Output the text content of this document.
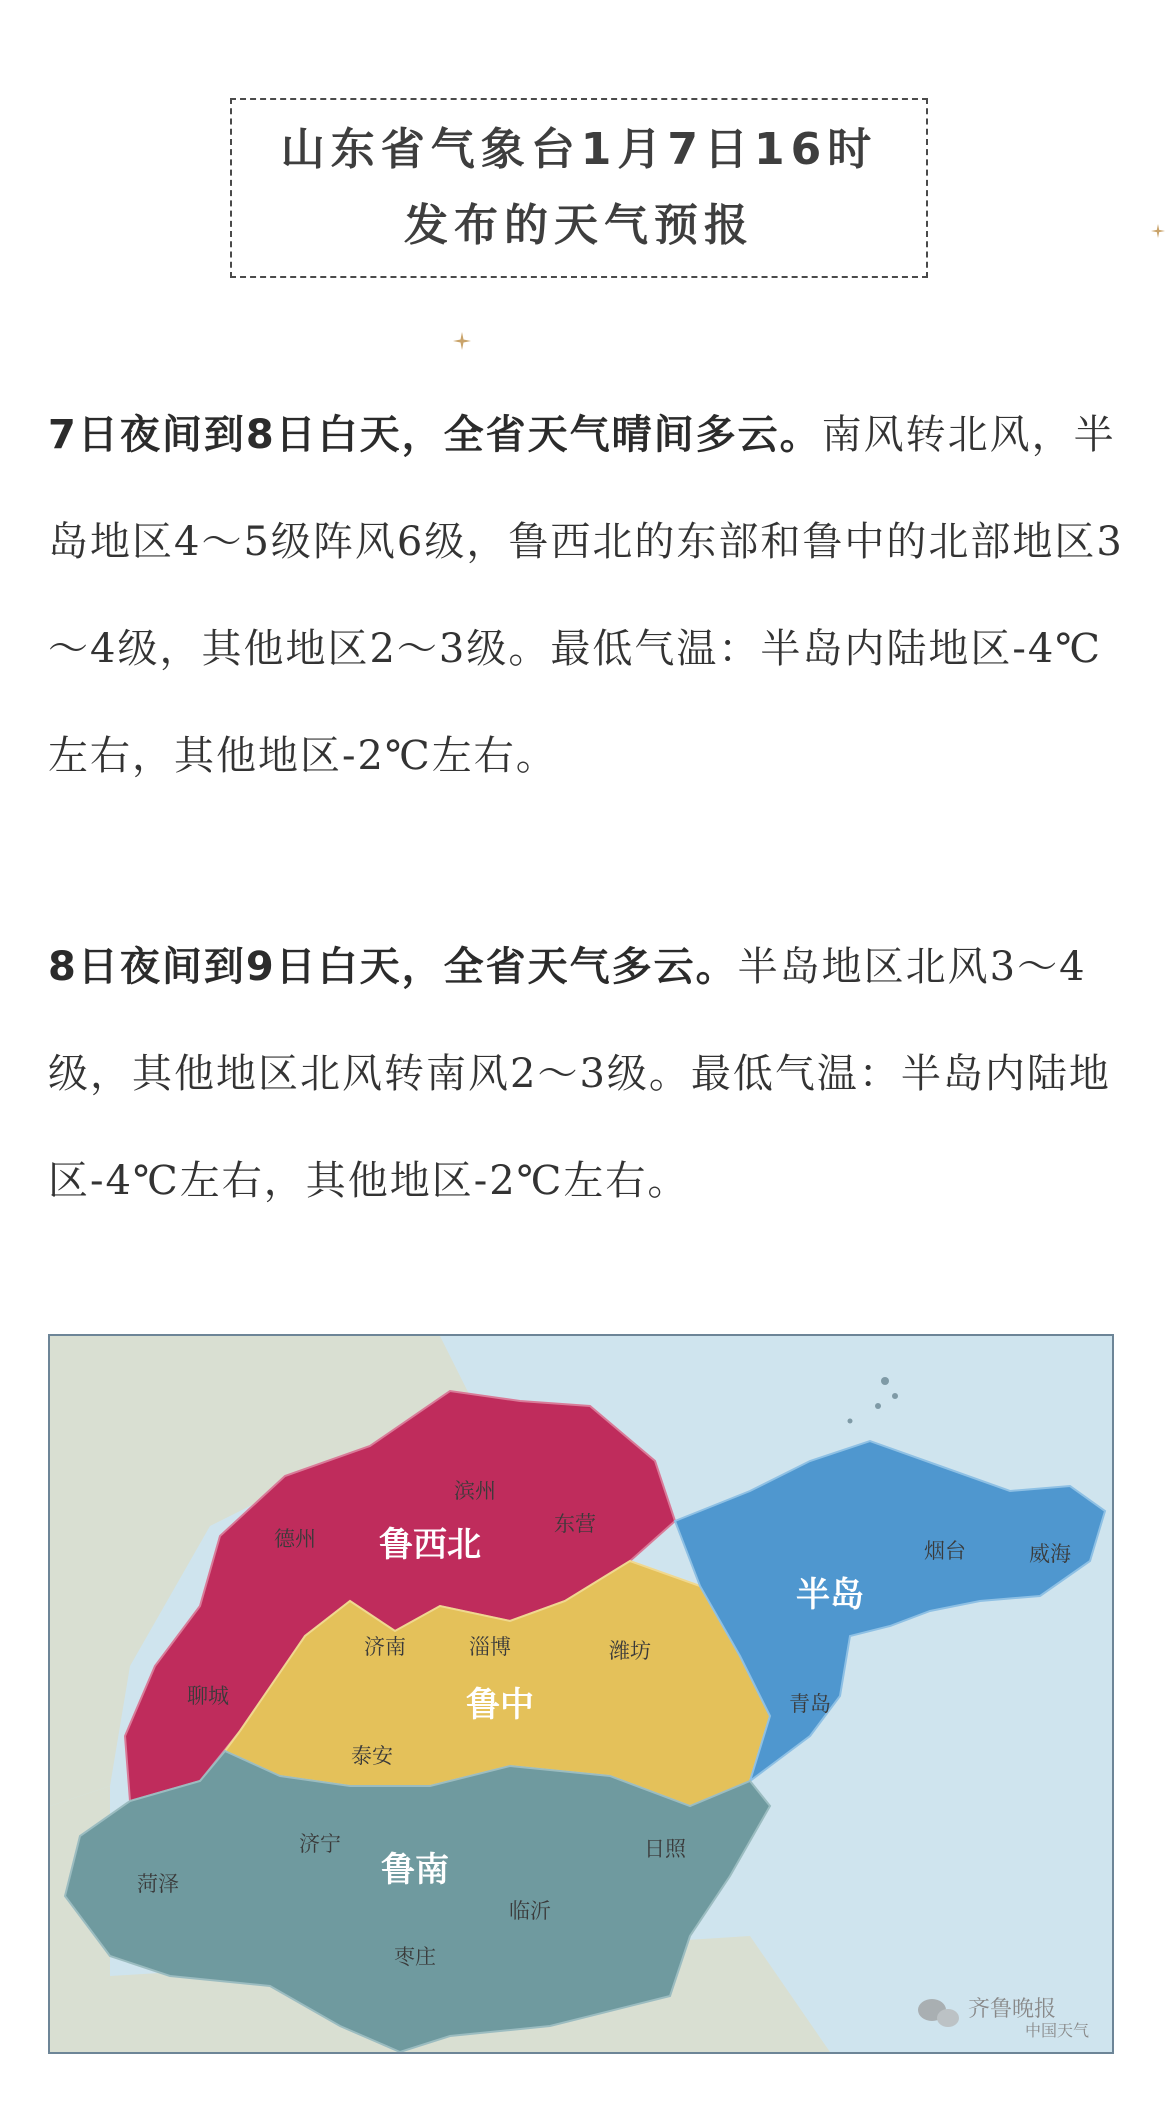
山东省气象台1月7日16时
发布的天气预报

7日夜间到8日白天，全省天气晴间多云。南风转北风，半岛地区4～5级阵风6级，鲁西北的东部和鲁中的北部地区3～4级，其他地区2～3级。最低气温：半岛内陆地区-4℃左右，其他地区-2℃左右。

8日夜间到9日白天，全省天气多云。半岛地区北风3～4级，其他地区北风转南风2～3级。最低气温：半岛内陆地区-4℃左右，其他地区-2℃左右。

鲁西北
鲁中
半岛
鲁南
滨州
东营
德州
聊城
济南	淄博	潍坊
泰安
烟台	威海
青岛
菏泽
济宁	日照
临沂
枣庄
齐鲁晚报
中国天气
